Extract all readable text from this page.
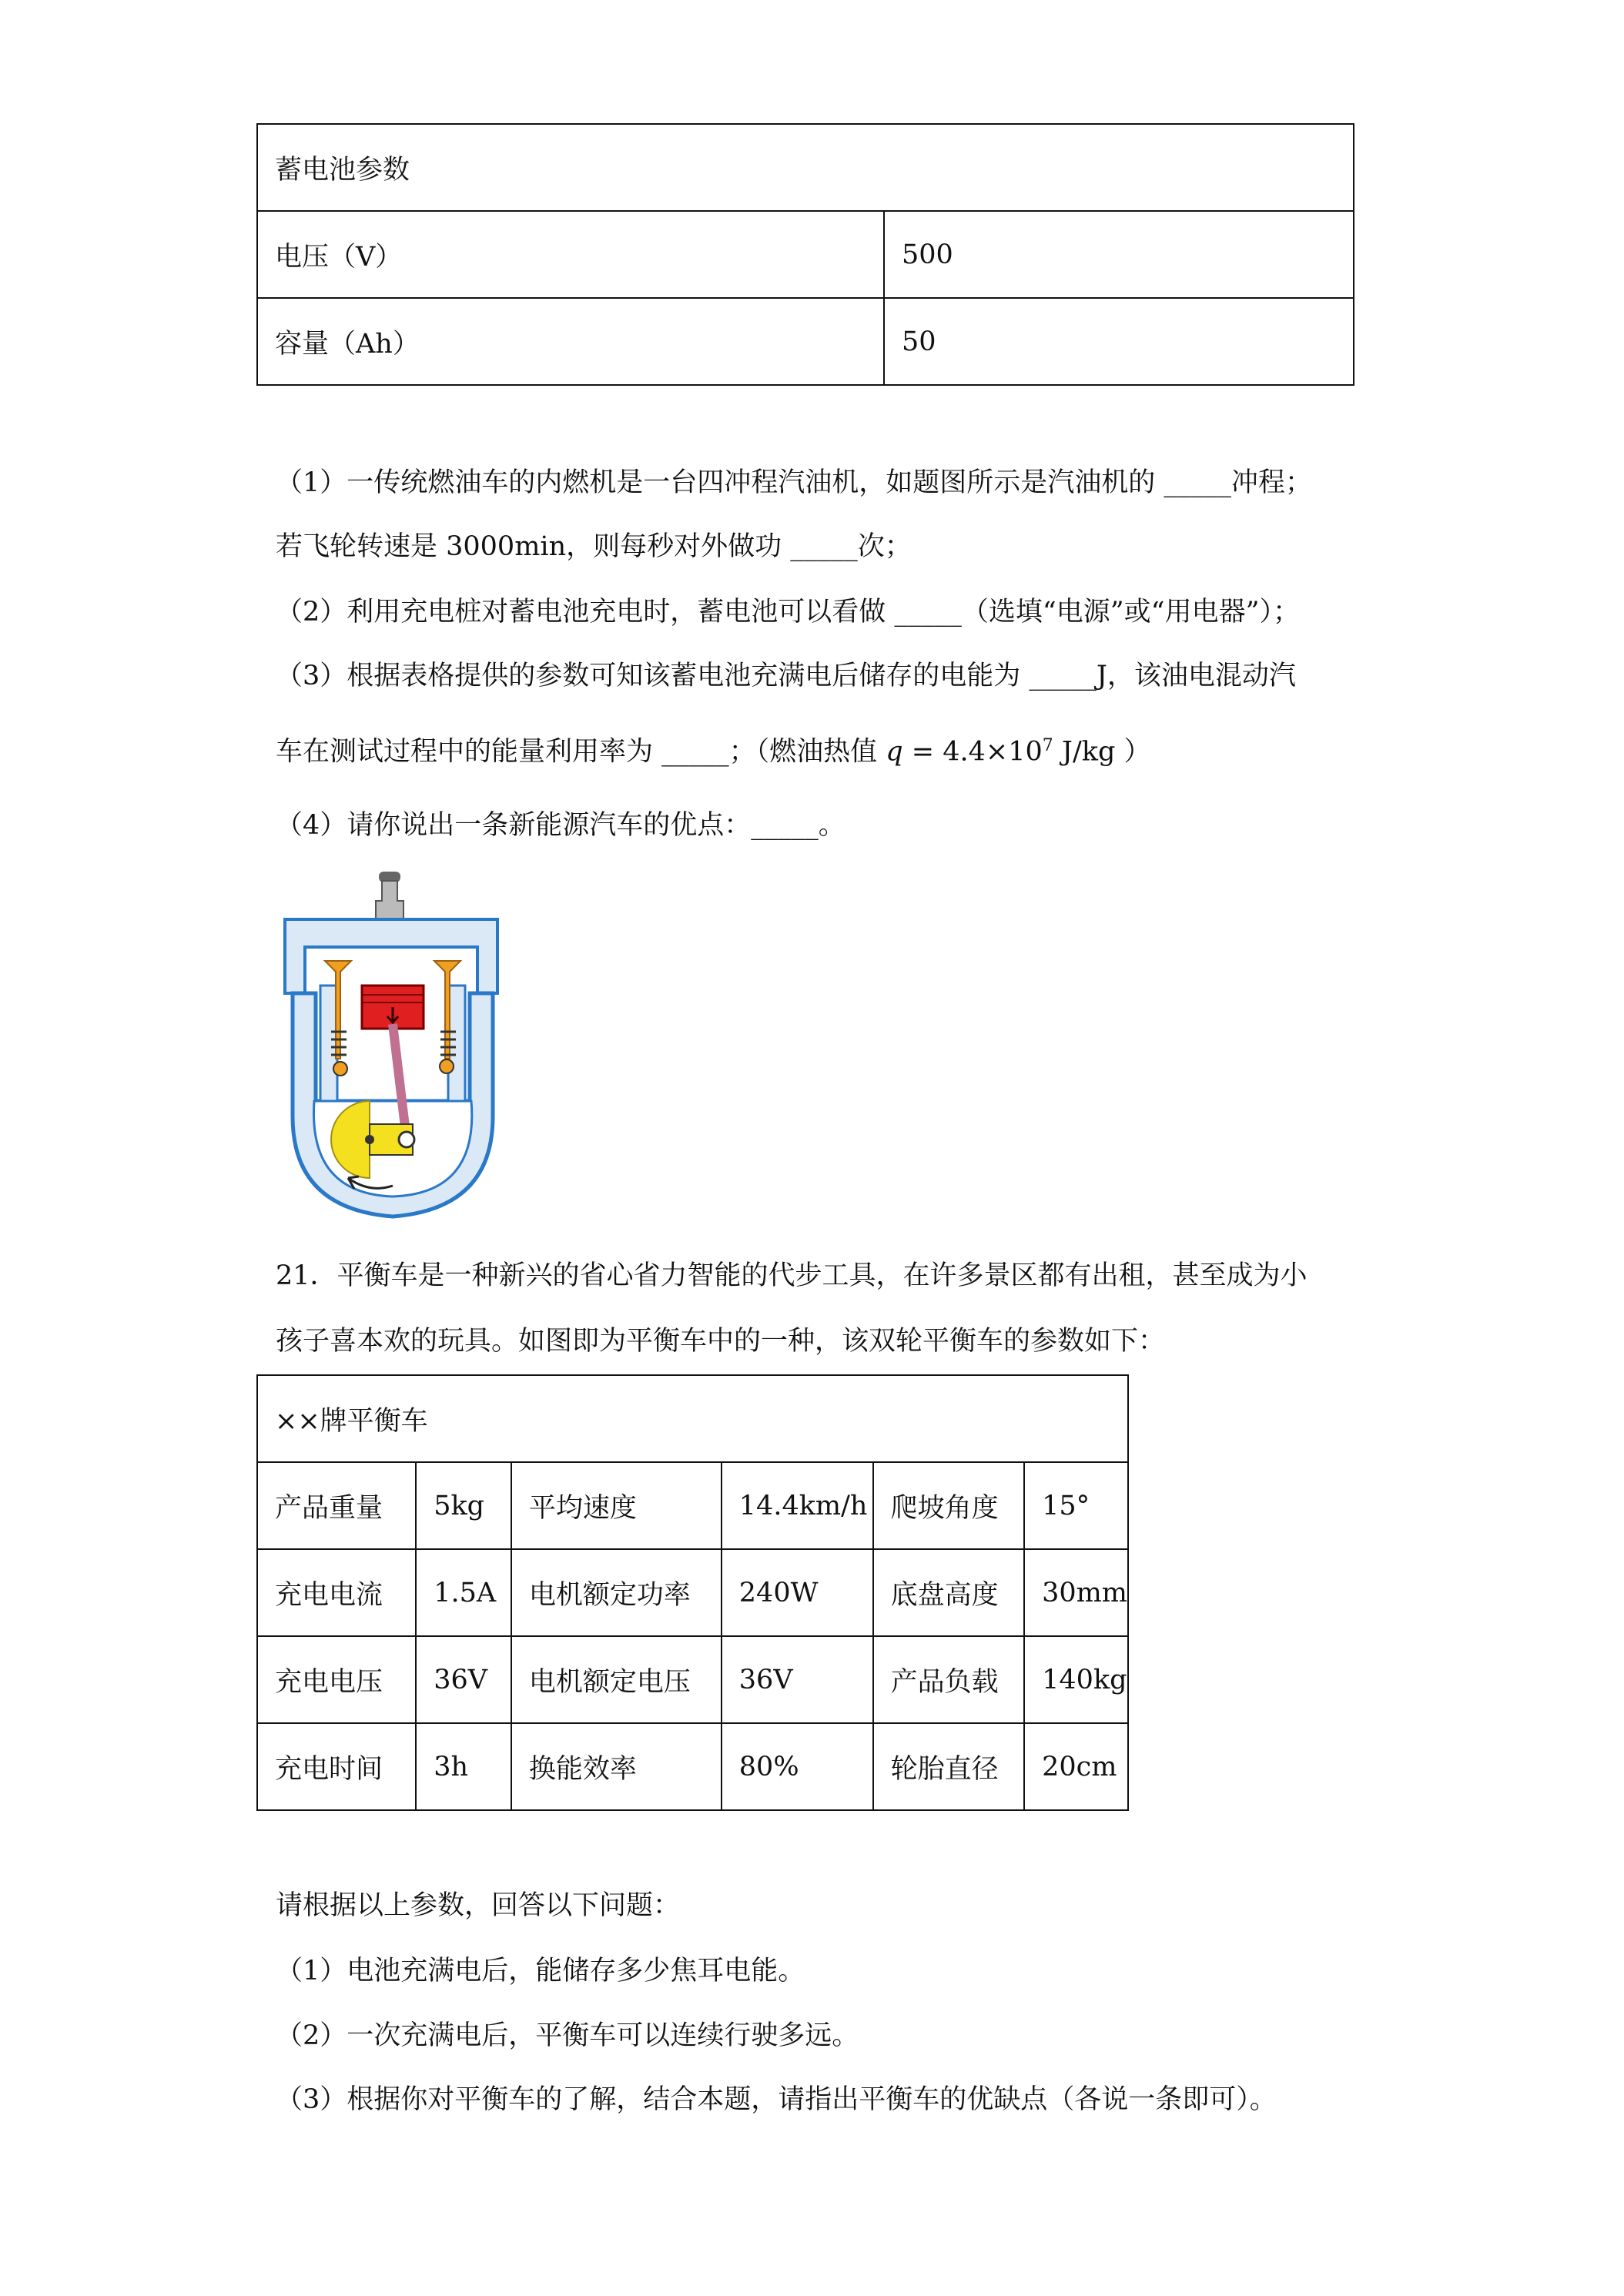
蓄电池参数	
电压（V）	500
容量（Ah）	50
（1）一传统燃油车的内燃机是一台四冲程汽油机，如题图所示是汽油机的 _____冲程；
若飞轮转速是 3000min，则每秒对外做功 _____次；
（2）利用充电桩对蓄电池充电时，蓄电池可以看做 _____（选填“电源”或“用电器”）；
（3）根据表格提供的参数可知该蓄电池充满电后储存的电能为 _____J，该油电混动汽
车在测试过程中的能量利用率为 _____；（燃油热值 $q = 4.4\times 10^7$ J/kg ）
（4）请你说出一条新能源汽车的优点：_____。
21．平衡车是一种新兴的省心省力智能的代步工具，在许多景区都有出租，甚至成为小
孩子喜本欢的玩具。如图即为平衡车中的一种，该双轮平衡车的参数如下：
××牌平衡车					
产品重量	5kg	平均速度	14.4km/h	爬坡角度	15°
充电电流	1.5A	电机额定功率	240W	底盘高度	30mm
充电电压	36V	电机额定电压	36V	产品负载	140kg
充电时间	3h	换能效率	80%	轮胎直径	20cm
请根据以上参数，回答以下问题：
（1）电池充满电后，能储存多少焦耳电能。
（2）一次充满电后，平衡车可以连续行驶多远。
（3）根据你对平衡车的了解，结合本题，请指出平衡车的优缺点（各说一条即可）。
